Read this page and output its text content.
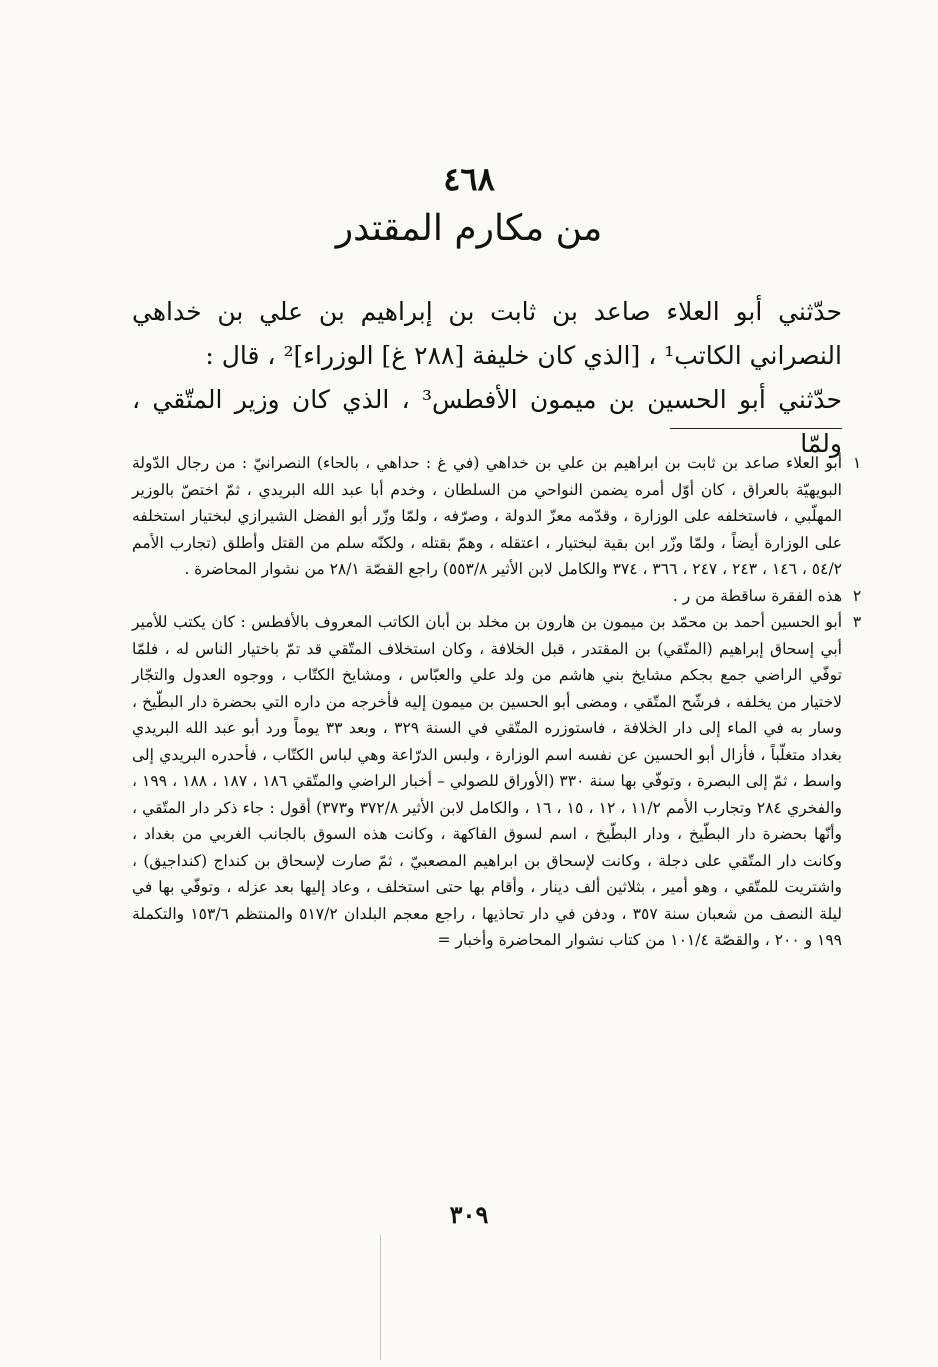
٤٦٨
من مكارم المقتدر

حدّثني أبو العلاء صاعد بن ثابت بن إبراهيم بن علي بن خداهي النصراني الكاتب¹ ، [الذي كان خليفة [٢٨٨ غ] الوزراء]² ، قال :

حدّثني أبو الحسين بن ميمون الأفطس³ ، الذي كان وزير المتّقي ، ولمّا

١
أبو العلاء صاعد بن ثابت بن ابراهيم بن علي بن خداهي (في غ : حداهي ، بالحاء) النصرانيّ : من رجال الدّولة البويهيّة بالعراق ، كان أوّل أمره يضمن النواحي من السلطان ، وخدم أبا عبد الله البريدي ، ثمّ اختصّ بالوزير المهلّبي ، فاستخلفه على الوزارة ، وقدّمه معزّ الدولة ، وصرّفه ، ولمّا وزّر أبو الفضل الشيرازي لبختيار استخلفه على الوزارة أيضاً ، ولمّا وزّر ابن بقية لبختيار ، اعتقله ، وهمّ بقتله ، ولكنّه سلم من القتل وأطلق (تجارب الأمم ٥٤/٢ ، ١٤٦ ، ٢٤٣ ، ٢٤٧ ، ٣٦٦ ، ٣٧٤ والكامل لابن الأثير ٥٥٣/٨) راجع القصّة ٢٨/١ من نشوار المحاضرة .
٢
هذه الفقرة ساقطة من ر .
٣
أبو الحسين أحمد بن محمّد بن ميمون بن هارون بن مخلد بن أبان الكاتب المعروف بالأفطس : كان يكتب للأمير أبي إسحاق إبراهيم (المتّقي) بن المقتدر ، قبل الخلافة ، وكان استخلاف المتّقي قد تمّ باختيار الناس له ، فلمّا توفّي الراضي جمع بجكم مشايخ بني هاشم من ولد علي والعبّاس ، ومشايخ الكتّاب ، ووجوه العدول والتجّار لاختيار من يخلفه ، فرشّح المتّقي ، ومضى أبو الحسين بن ميمون إليه فأخرجه من داره التي بحضرة دار البطّيخ ، وسار به في الماء إلى دار الخلافة ، فاستوزره المتّقي في السنة ٣٢٩ ، وبعد ٣٣ يوماً ورد أبو عبد الله البريدي بغداد متغلّباً ، فأزال أبو الحسين عن نفسه اسم الوزارة ، ولبس الدرّاعة وهي لباس الكتّاب ، فأحدره البريدي إلى واسط ، ثمّ إلى البصرة ، وتوفّي بها سنة ٣٣٠ (الأوراق للصولي – أخبار الراضي والمتّقي ١٨٦ ، ١٨٧ ، ١٨٨ ، ١٩٩ ، والفخري ٢٨٤ وتجارب الأمم ١١/٢ ، ١٢ ، ١٥ ، ١٦ ، والكامل لابن الأثير ٣٧٢/٨ و٣٧٣) أقول : جاء ذكر دار المتّقي ، وأنّها بحضرة دار البطّيخ ، ودار البطّيخ ، اسم لسوق الفاكهة ، وكانت هذه السوق بالجانب الغربي من بغداد ، وكانت دار المتّقي على دجلة ، وكانت لإسحاق بن ابراهيم المصعبيّ ، ثمّ صارت لإسحاق بن كنداج (كنداجيق) ، واشتريت للمتّقي ، وهو أمير ، بثلاثين ألف دينار ، وأقام بها حتى استخلف ، وعاد إليها بعد عزله ، وتوفّي بها في ليلة النصف من شعبان سنة ٣٥٧ ، ودفن في دار تحاذيها ، راجع معجم البلدان ٥١٧/٢ والمنتظم ١٥٣/٦ والتكملة ١٩٩ و ٢٠٠ ، والقصّة ١٠١/٤ من كتاب نشوار المحاضرة وأخبار =
٣٠٩
